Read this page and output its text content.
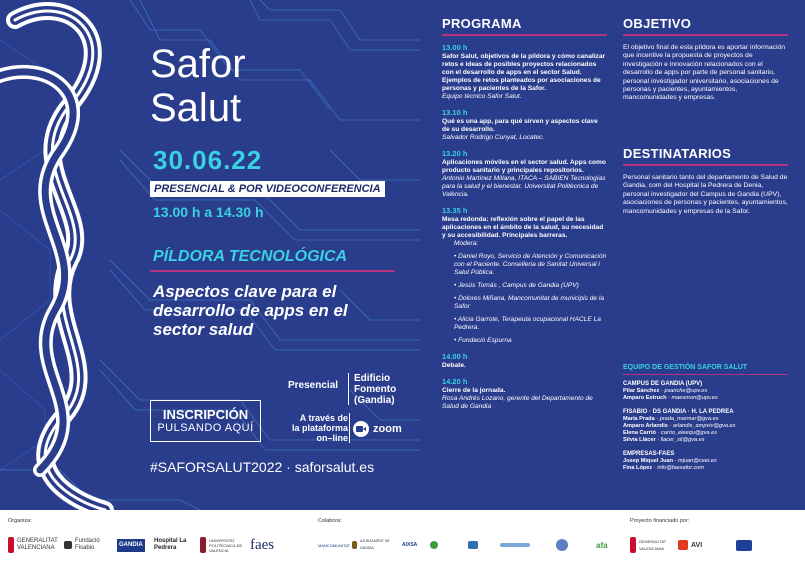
Safor
Salut
30.06.22
PRESENCIAL & POR VIDEOCONFERENCIA
13.00 h a 14.30 h
PÍLDORA TECNOLÓGICA
Aspectos clave para el
desarrollo de apps en el
sector salud
Presencial
Edificio
Fomento
(Gandia)
INSCRIPCIÓN
PULSANDO AQUÍ
A través de
la plataforma
on–line
zoom
#SAFORSALUT2022 · saforsalut.es
PROGRAMA
13.00 h
Safor Salut, objetivos de la píldora y cómo canalizar retos e ideas de posibles proyectos relacionados con el desarrollo de apps en el sector Salud. Ejemplos de retos planteados por asociaciones de personas y pacientes de la Safor.
Equipo técnico Safor Salut.
13.10 h
Qué es una app, para qué sirven y aspectos clave de su desarrollo.
Salvador Rodrigo Cunyat, Locatec.
13.20 h
Aplicaciones móviles en el sector salud. Apps como producto sanitario y principales repositorios.
Antonio Martínez Millana, ITACA – SABIEN Tecnologías para la salud y el bienestar. Universitat Politècnica de València.
13.35 h
Mesa redonda: reflexión sobre el papel de las aplicaciones en el ámbito de la salud, su necesidad y su accesibilidad. Principales barreras.
Modera:
• Daniel Royo, Servicio de Atención y Comunicación con el Paciente. Conselleria de Sanitat Universal i Salut Pública.
• Jesús Tomás , Campus de Gandia (UPV)
• Dolores Miñana, Mancomunitat de municipis de la Safor
• Alicia Garrote, Terapeuta ocupacional HACLE La Pedrera.
• Fundació Espurna
14.00 h
Debate.
14.20 h
Cierre de la jornada.
Rosa Andrés Lozano, gerente del Departamento de Salud de Gandia
OBJETIVO
El objetivo final de esta píldora es aportar información que incentive la propuesta de proyectos de investigación e innovación relacionados con el desarrollo de apps por parte de personal sanitario, personal investigador universitario, asociaciones de personas y pacientes, ayuntamientos, mancomunidades y empresas.
DESTINATARIOS
Personal sanitario tanto del departamento de Salud de Gandia, com del Hospital la Pedrera de Denia, personal investigador del Campus de Gandia (UPV), asociaciones de personas y pacientes, ayuntamientos, mancomunidades y empresas de la Safor.
EQUIPO DE GESTIÓN SAFOR SALUT
CAMPUS DE GANDIA (UPV)
Pilar Sánchez · psanche@upv.es
Amparo Estruch · maesmon@upv.es
FISABIO · DS GANDIA · H. LA PEDREA
María Prada · prada_marmar@gva.es
Amparo Arlandis · arlandis_ampviv@gva.es
Elena Carrió · carrio_eleequ@gva.es
Silvia Llácer · llacer_sil@gva.es
EMPRESAS-FAES
Josep Miquel Juan · mjuan@ceei.es
Fina López · info@faesafor.com
Organiza:	Colabora:	Proyecto financiado por:
GENERALITAT VALENCIANA
Fundació Fisabio
GANDIA
Hospital La Pedrera
UNIVERSITAT POLITÈCNICA DE VALÈNCIA	faes	MANCOMUNITAT
AJUNTAMENT DE GANDIA
AIXSA	afa	GENERALITAT VALENCIANA	AVI
